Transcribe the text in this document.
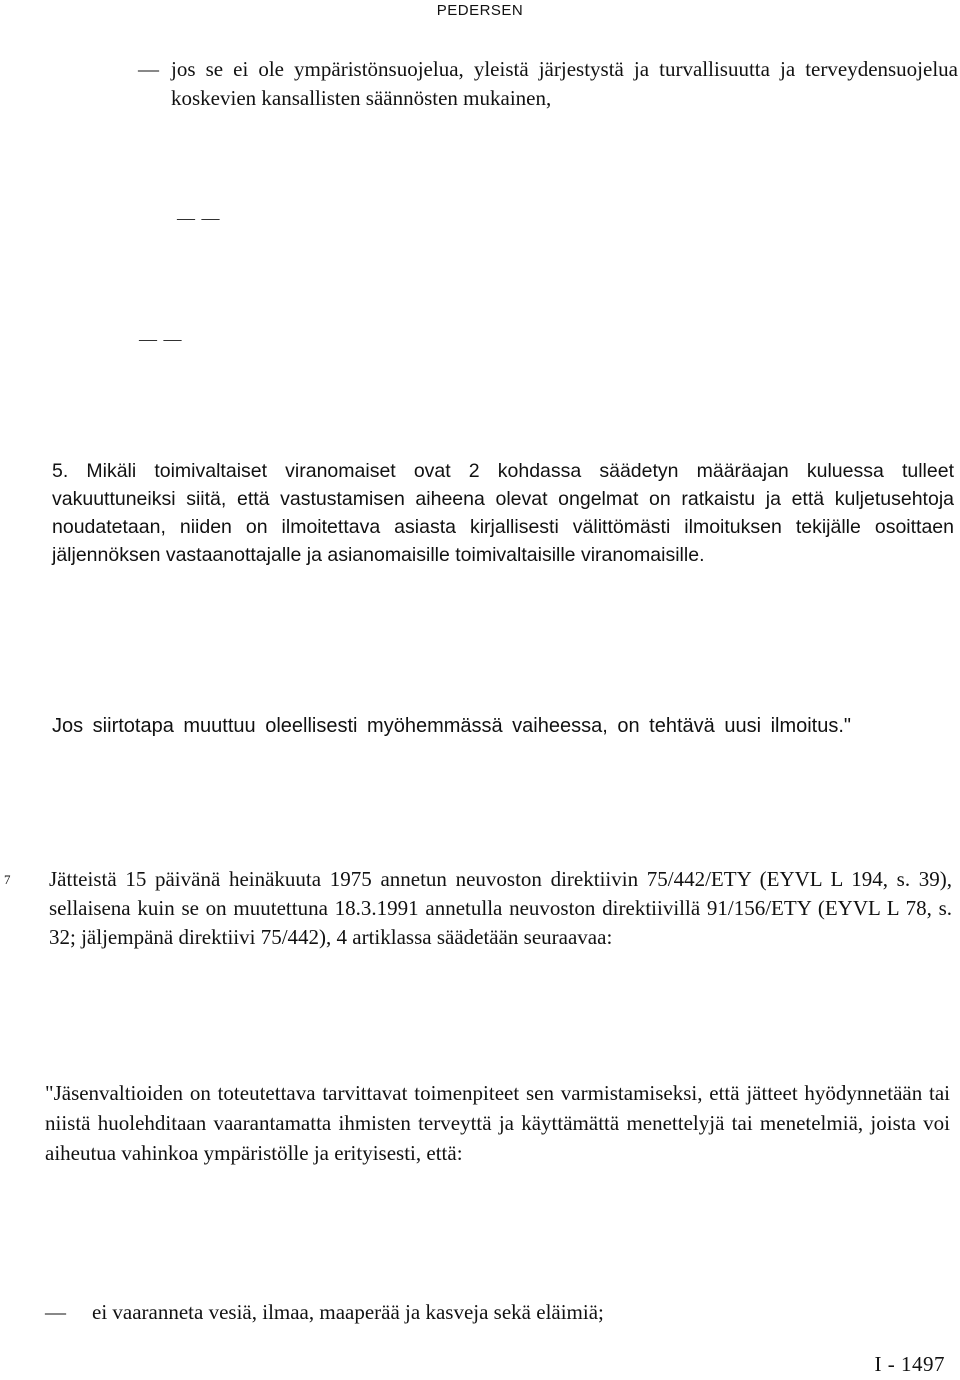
PEDERSEN
— jos se ei ole ympäristönsuojelua, yleistä järjestystä ja turvallisuutta ja terveydensuojelua koskevien kansallisten säännösten mukainen,
— —
— —
5. Mikäli toimivaltaiset viranomaiset ovat 2 kohdassa säädetyn määräajan kuluessa tulleet vakuuttuneiksi siitä, että vastustamisen aiheena olevat ongelmat on ratkaistu ja että kuljetusehtoja noudatetaan, niiden on ilmoitettava asiasta kirjallisesti välittömästi ilmoituksen tekijälle osoittaen jäljennöksen vastaanottajalle ja asianomaisille toimivaltaisille viranomaisille.
Jos siirtotapa muuttuu oleellisesti myöhemmässä vaiheessa, on tehtävä uusi ilmoitus."
7 Jätteistä 15 päivänä heinäkuuta 1975 annetun neuvoston direktiivin 75/442/ETY (EYVL L 194, s. 39), sellaisena kuin se on muutettuna 18.3.1991 annetulla neuvoston direktiivillä 91/156/ETY (EYVL L 78, s. 32; jäljempänä direktiivi 75/442), 4 artiklassa säädetään seuraavaa:
"Jäsenvaltioiden on toteutettava tarvittavat toimenpiteet sen varmistamiseksi, että jätteet hyödynnetään tai niistä huolehditaan vaarantamatta ihmisten terveyttä ja käyttämättä menettelyjä tai menetelmiä, joista voi aiheutua vahinkoa ympäristölle ja erityisesti, että:
— ei vaaranneta vesiä, ilmaa, maaperää ja kasveja sekä eläimiä;
I - 1497
